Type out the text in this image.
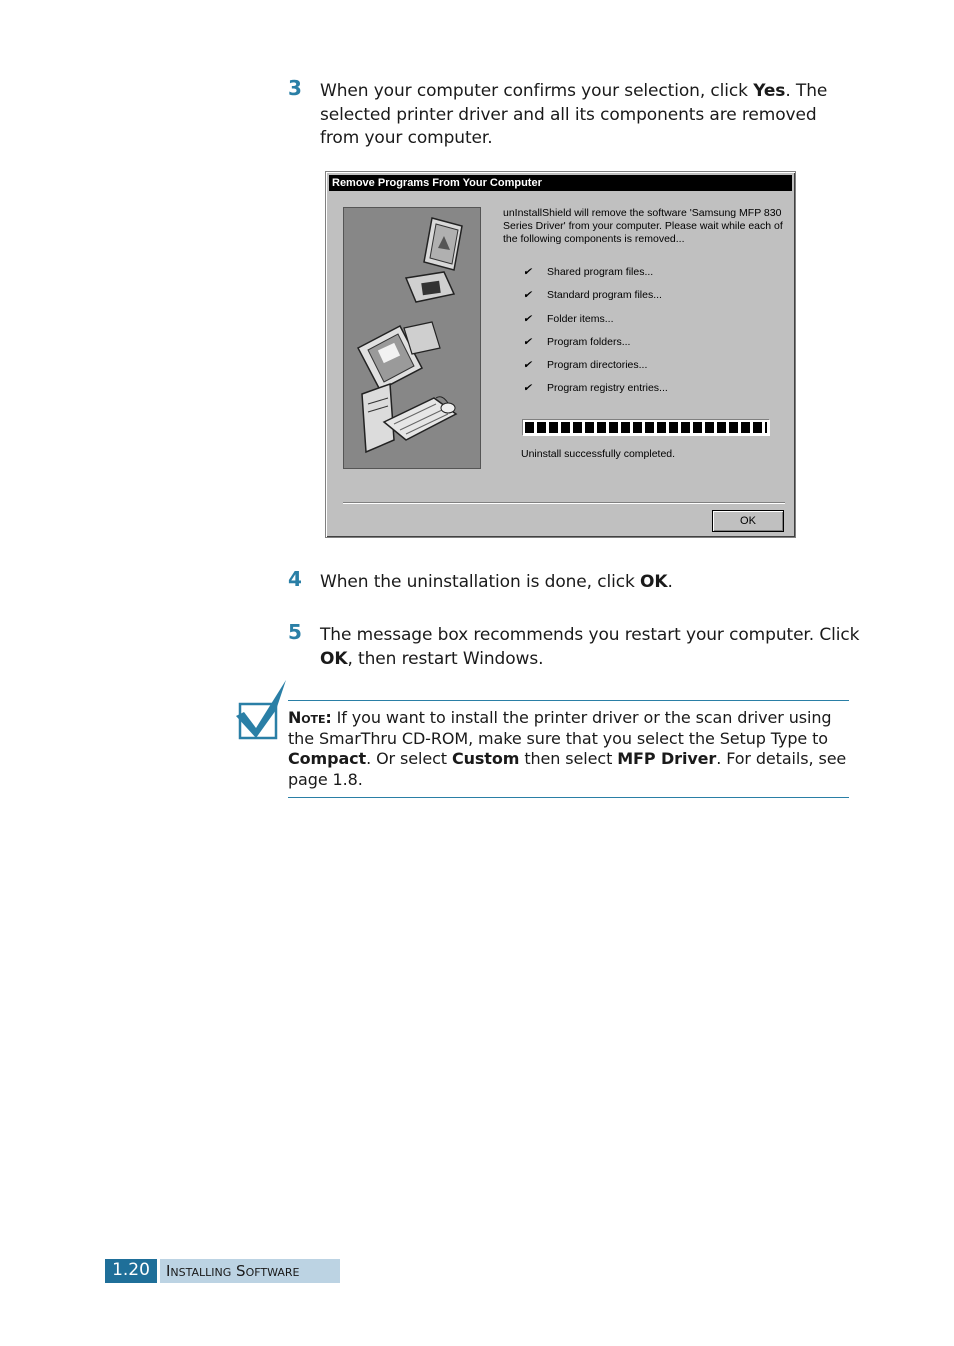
3 When your computer confirms your selection, click Yes. The selected printer driver and all its components are removed from your computer.
Remove Programs From Your Computer
unInstallShield will remove the software 'Samsung MFP 830 Series Driver' from your computer. Please wait while each of the following components is removed...
✔	Shared program files...
✔	Standard program files...
✔	Folder items...
✔	Program folders...
✔	Program directories...
✔	Program registry entries...
Uninstall successfully completed.
OK
4 When the uninstallation is done, click OK.
5 The message box recommends you restart your computer. Click OK, then restart Windows.
Note: If you want to install the printer driver or the scan driver using the SmarThru CD-ROM, make sure that you select the Setup Type to Compact. Or select Custom then select MFP Driver. For details, see page 1.8.
1.20	Installing Software
